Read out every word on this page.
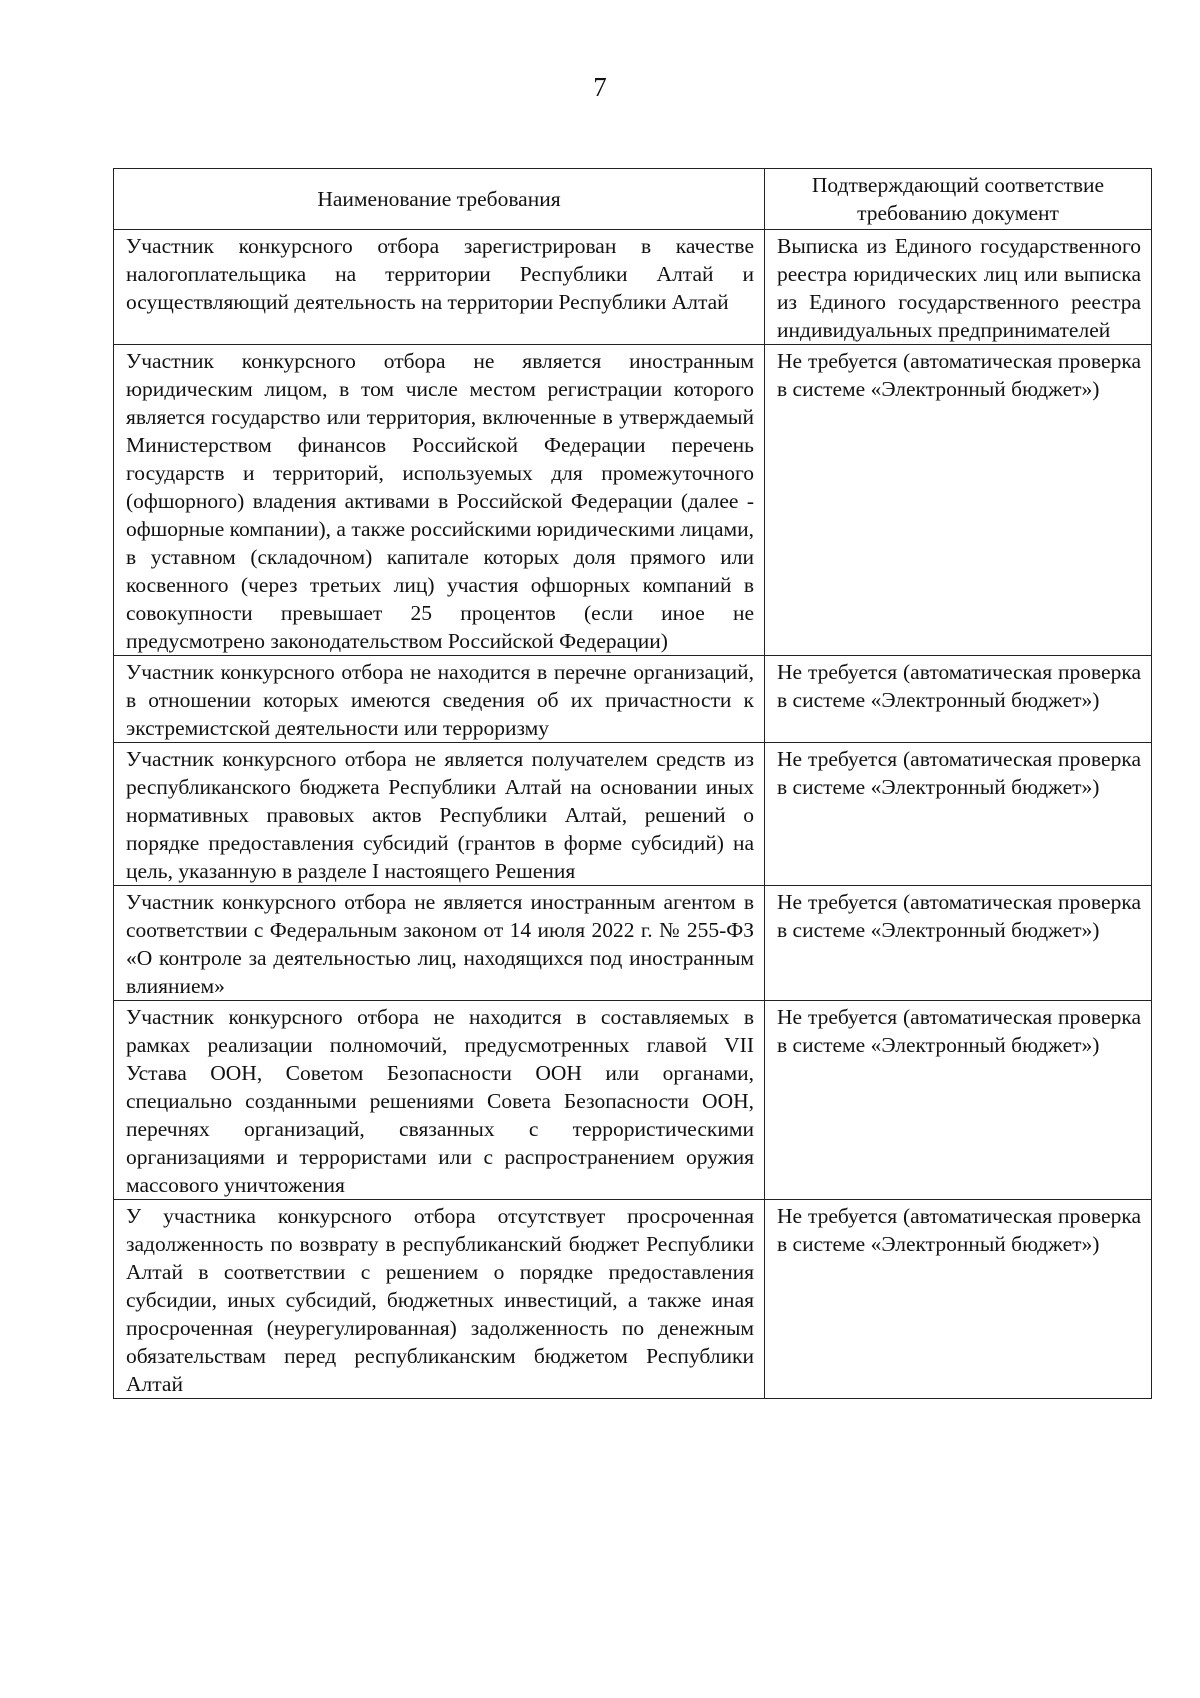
7
Наименование требования	Подтверждающий соответствие требованию документ
Участник конкурсного отбора зарегистрирован в качестве налогоплательщика на территории Республики Алтай и осуществляющий деятельность на территории Республики Алтай	Выписка из Единого государственного реестра юридических лиц или выписка из Единого государственного реестра индивидуальных предпринимателей
Участник конкурсного отбора не является иностранным юридическим лицом, в том числе местом регистрации которого является государство или территория, включенные в утверждаемый Министерством финансов Российской Федерации перечень государств и территорий, используемых для промежуточного (офшорного) владения активами в Российской Федерации (далее - офшорные компании), а также российскими юридическими лицами, в уставном (складочном) капитале которых доля прямого или косвенного (через третьих лиц) участия офшорных компаний в совокупности превышает 25 процентов (если иное не предусмотрено законодательством Российской Федерации)	Не требуется (автоматическая проверка в системе «Электронный бюджет»)
Участник конкурсного отбора не находится в перечне организаций, в отношении которых имеются сведения об их причастности к экстремистской деятельности или терроризму	Не требуется (автоматическая проверка в системе «Электронный бюджет»)
Участник конкурсного отбора не является получателем средств из республиканского бюджета Республики Алтай на основании иных нормативных правовых актов Республики Алтай, решений о порядке предоставления субсидий (грантов в форме субсидий) на цель, указанную в разделе I настоящего Решения	Не требуется (автоматическая проверка в системе «Электронный бюджет»)
Участник конкурсного отбора не является иностранным агентом в соответствии с Федеральным законом от 14 июля 2022 г. № 255-ФЗ «О контроле за деятельностью лиц, находящихся под иностранным влиянием»	Не требуется (автоматическая проверка в системе «Электронный бюджет»)
Участник конкурсного отбора не находится в составляемых в рамках реализации полномочий, предусмотренных главой VII Устава ООН, Советом Безопасности ООН или органами, специально созданными решениями Совета Безопасности ООН, перечнях организаций, связанных с террористическими организациями и террористами или с распространением оружия массового уничтожения	Не требуется (автоматическая проверка в системе «Электронный бюджет»)
У участника конкурсного отбора отсутствует просроченная задолженность по возврату в республиканский бюджет Республики Алтай в соответствии с решением о порядке предоставления субсидии, иных субсидий, бюджетных инвестиций, а также иная просроченная (неурегулированная) задолженность по денежным обязательствам перед республиканским бюджетом Республики Алтай	Не требуется (автоматическая проверка в системе «Электронный бюджет»)
